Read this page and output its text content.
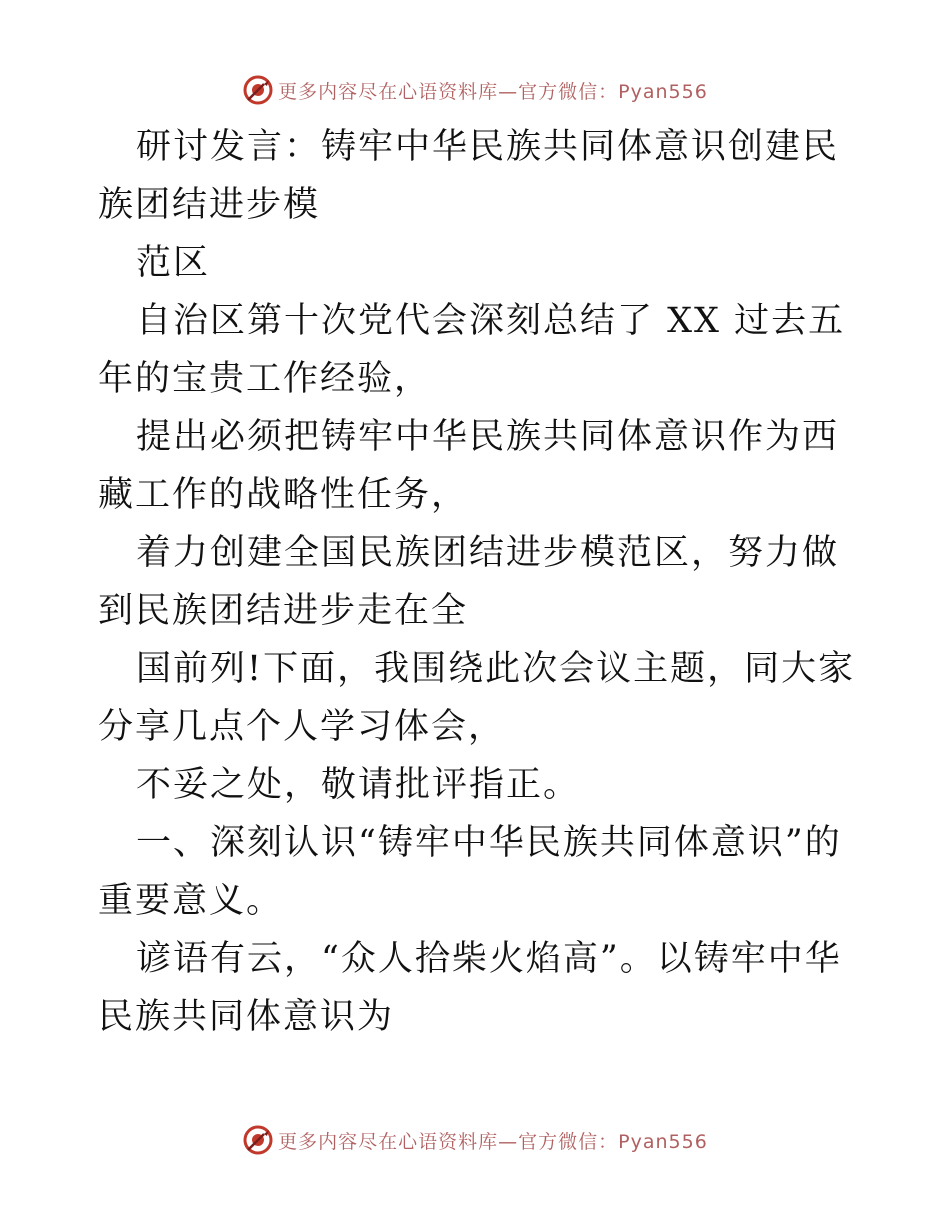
更多内容尽在心语资料库—官方微信：Pyan556

研讨发言：铸牢中华民族共同体意识创建民族团结进步模

范区

自治区第十次党代会深刻总结了 XX 过去五年的宝贵工作经验，

提出必须把铸牢中华民族共同体意识作为西藏工作的战略性任务，

着力创建全国民族团结进步模范区，努力做到民族团结进步走在全

国前列!下面，我围绕此次会议主题，同大家分享几点个人学习体会，

不妥之处，敬请批评指正。

一、深刻认识“铸牢中华民族共同体意识”的重要意义。

谚语有云，“众人拾柴火焰高”。以铸牢中华民族共同体意识为

更多内容尽在心语资料库—官方微信：Pyan556
